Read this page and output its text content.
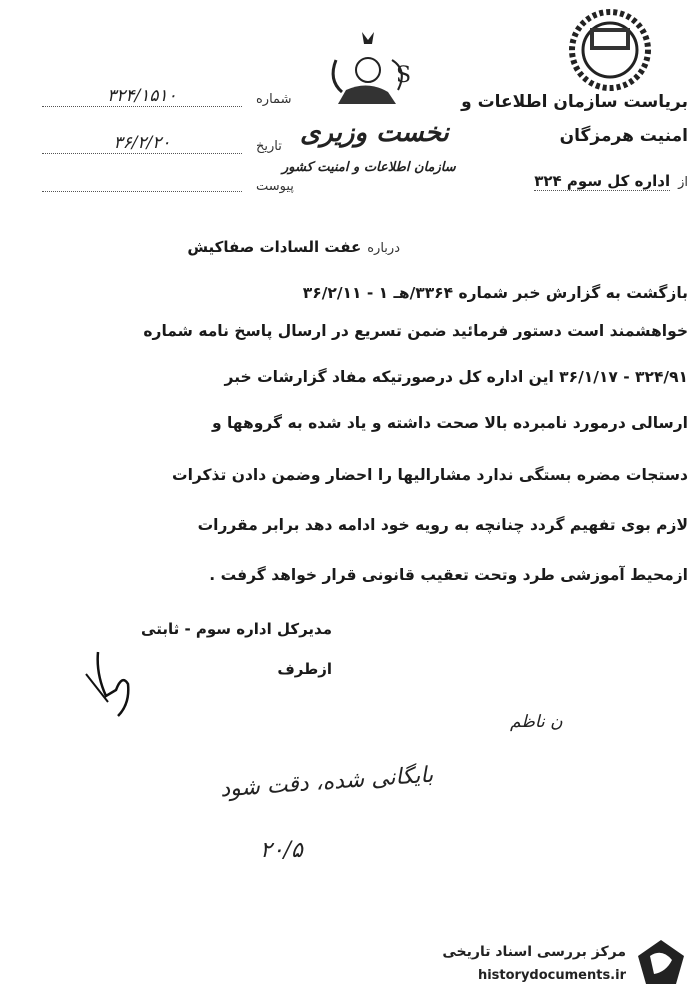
S
نخست وزیری
سازمان اطلاعات و امنیت کشور
بریاست سازمان اطلاعات و
امنیت هرمزگان
از
اداره کل سوم ۳۲۴
شماره
۳۲۴/۱۵۱۰
تاریخ
۳۶/۲/۲۰
پیوست
درباره
عفت السادات صفاکیش
بازگشت به گزارش خبر شماره ۳۳۶۴/هـ ۱ - ۳۶/۲/۱۱
خواهشمند است دستور فرمائید ضمن تسریع در ارسال پاسخ نامه شماره
۳۲۴/۹۱ - ۳۶/۱/۱۷ این اداره کل درصورتیکه مفاد گزارشات خبر
ارسالی درمورد نامبرده بالا صحت داشته و یاد شده به گروهها و
دستجات مضره بستگی ندارد مشارالیها را احضار وضمن دادن تذکرات
لازم بوی تفهیم گردد چنانچه به رویه خود ادامه دهد برابر مقررات
ازمحیط آموزشی طرد وتحت تعقیب قانونی قرار خواهد گرفت .
مدیرکل اداره سوم - ثابتی
ازطرف
ن ناظم
بایگانی شده، دقت شود
۲۰/۵
مرکز بررسی اسناد تاریخی
historydocuments.ir
